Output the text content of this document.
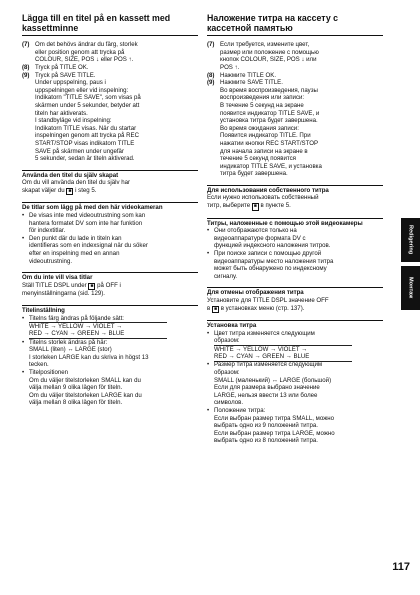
Lägga till en titel på en kassett med kassettminne
(7) Om det behövs ändrar du färg, storlek
eller position genom att trycka på
COLOUR, SIZE, POS ↓ eller POS ↑.
(8) Tryck på TITLE OK.
(9) Tryck på SAVE TITLE.
Under uppspelning, paus i
uppspelningen eller vid inspelning:
Indikatorn "TITLE SAVE", som visas på
skärmen under 5 sekunder, betyder att
titeln har aktiverats.
I standbyläge vid inspelning:
Indikatorn TITLE visas. När du startar
inspelningen genom att trycka på REC
START/STOP visas indikatorn TITLE
SAVE på skärmen under ungefär
5 sekunder, sedan är titeln aktiverad.
Använda den titel du själv skapat
Om du vill använda den titel du själv har
skapat väljer du ■ i steg 5.
De titlar som lägg på med den här videokameran
• De visas inte med videoutrustning som kan
hantera formatet DV som inte har funktion
för indextitlar.
• Den punkt där du lade in titeln kan
identifieras som en indexsignal när du söker
efter en inspelning med en annan
videoutrustning.
Om du inte vill visa titlar
Ställ TITLE DSPL under ■ på OFF i
menyinställningarna (sid. 129).
Titelinställning
• Titelns färg ändras på följande sätt:
WHITE → YELLOW → VIOLET →
RED → CYAN → GREEN → BLUE
• Titelns storlek ändras på här:
SMALL (liten) ↔ LARGE (stor)
I storleken LARGE kan du skriva in högst 13
tecken.
• Titelpositionen
Om du väljer titelstorleken SMALL kan du
välja mellan 9 olika lägen för titeln.
Om du väljer titelstorleken LARGE kan du
välja mellan 8 olika lägen för titeln.
Наложение титра на кассету с кассетной памятью
(7) Если требуется, измените цвет,
размер или положение с помощью
кнопок COLOUR, SIZE, POS ↓ или
POS ↑.
(8) Нажмите TITLE OK.
(9) Нажмите SAVE TITLE.
Во время воспроизведения, паузы
воспроизведения или записи:
В течение 5 секунд на экране
появится индикатор TITLE SAVE, и
установка титра будет завершена.
Во время ожидания записи:
Появится индикатор TITLE. При
нажатии кнопки REC START/STOP
для начала записи на экране в
течение 5 секунд появится
индикатор TITLE SAVE, и установка
титра будет завершена.
Для использования собственного титра
Если нужно использовать собственный
титр, выберите ■ в пункте 5.
Титры, наложенные с помощью этой видеокамеры
• Они отображаются только на
видеоаппаратуре формата DV с
функцией индексного наложения титров.
• При поиске записи с помощью другой
видеоаппаратуры место наложения титра
может быть обнаружено по индексному
сигналу.
Для отмены отображения титра
Установите для TITLE DSPL значение OFF
в ■ в установках меню (стр. 137).
Установка титра
• Цвет титра изменяется следующим
образом:
WHITE → YELLOW → VIOLET →
RED → CYAN → GREEN → BLUE
• Размер титра изменяется следующим
образом:
SMALL (маленький) ↔ LARGE (большой)
Если для размера выбрано значение
LARGE, нельзя ввести 13 или более
символов.
• Положение титра:
Если выбран размер титра SMALL, можно
выбрать одно из 9 положений титра.
Если выбран размер титра LARGE, можно
выбрать одно из 8 положений титра.
Redigering
Монтаж
117
